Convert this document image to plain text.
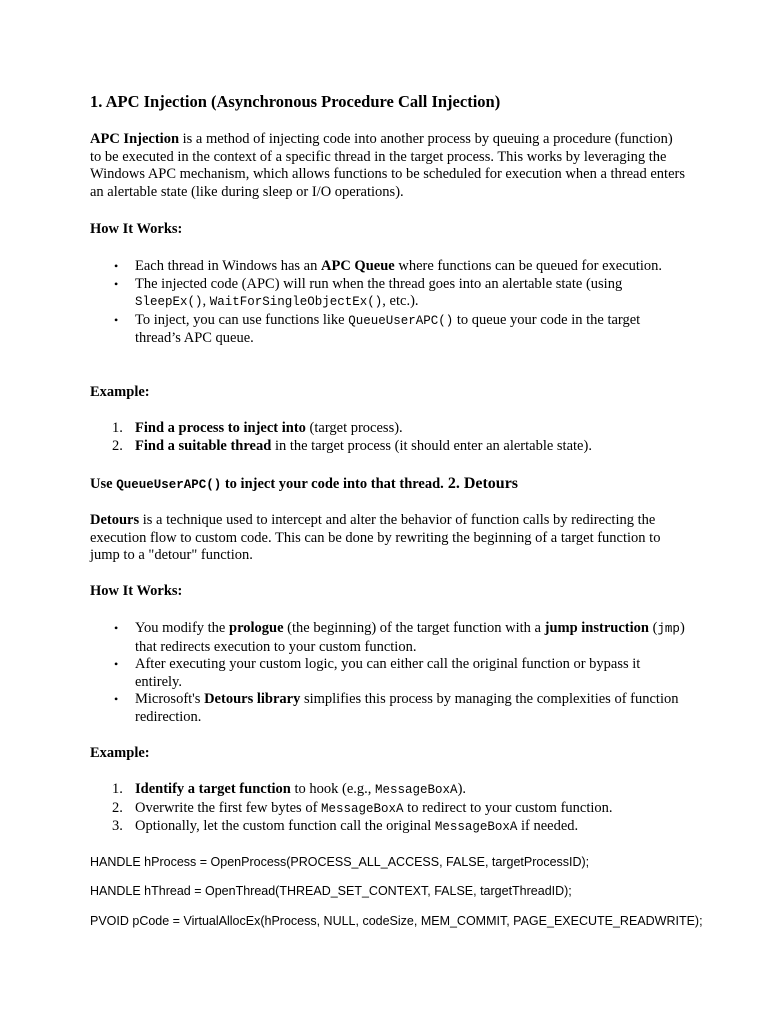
1. APC Injection (Asynchronous Procedure Call Injection)

APC Injection is a method of injecting code into another process by queuing a procedure (function) to be executed in the context of a specific thread in the target process. This works by leveraging the Windows APC mechanism, which allows functions to be scheduled for execution when a thread enters an alertable state (like during sleep or I/O operations).

How It Works:

• Each thread in Windows has an APC Queue where functions can be queued for execution.
• The injected code (APC) will run when the thread goes into an alertable state (using SleepEx(), WaitForSingleObjectEx(), etc.).
• To inject, you can use functions like QueueUserAPC() to queue your code in the target thread’s APC queue.

Example:

1. Find a process to inject into (target process).
2. Find a suitable thread in the target process (it should enter an alertable state).

Use QueueUserAPC() to inject your code into that thread. 2. Detours

Detours is a technique used to intercept and alter the behavior of function calls by redirecting the execution flow to custom code. This can be done by rewriting the beginning of a target function to jump to a "detour" function.

How It Works:

• You modify the prologue (the beginning) of the target function with a jump instruction (jmp) that redirects execution to your custom function.
• After executing your custom logic, you can either call the original function or bypass it entirely.
• Microsoft's Detours library simplifies this process by managing the complexities of function redirection.

Example:

1. Identify a target function to hook (e.g., MessageBoxA).
2. Overwrite the first few bytes of MessageBoxA to redirect to your custom function.
3. Optionally, let the custom function call the original MessageBoxA if needed.
HANDLE hProcess = OpenProcess(PROCESS_ALL_ACCESS, FALSE, targetProcessID);
HANDLE hThread = OpenThread(THREAD_SET_CONTEXT, FALSE, targetThreadID);
PVOID pCode = VirtualAllocEx(hProcess, NULL, codeSize, MEM_COMMIT, PAGE_EXECUTE_READWRITE);
